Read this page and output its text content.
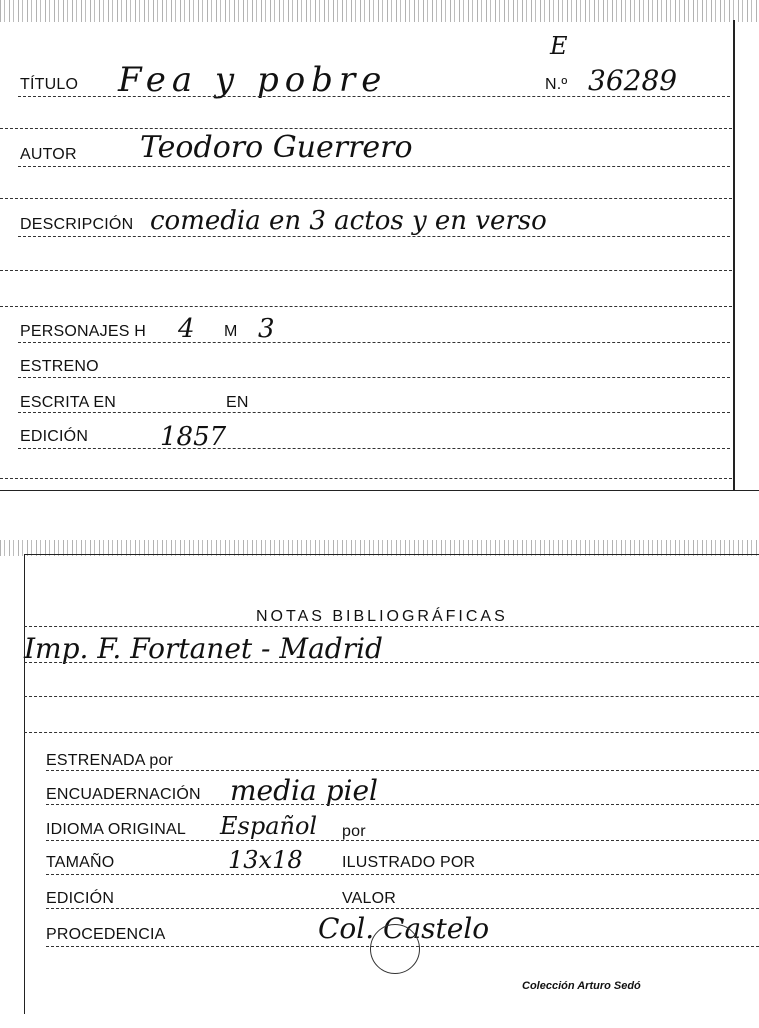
E
TÍTULO Fea y pobre	N.º 36289
AUTOR Teodoro Guerrero
DESCRIPCIÓN comedia en 3 actos y en verso
PERSONAJES H 4 M 3
ESTRENO
ESCRITA EN	EN
EDICIÓN	1857
NOTAS BIBLIOGRÁFICAS
Imp. F. Fortanet - Madrid
ESTRENADA por
ENCUADERNACIÓN media piel
IDIOMA ORIGINAL Español por
TAMAÑO	13x18 ILUSTRADO POR
EDICIÓN	VALOR
PROCEDENCIA	Col. Castelo
Colección Arturo Sedó
